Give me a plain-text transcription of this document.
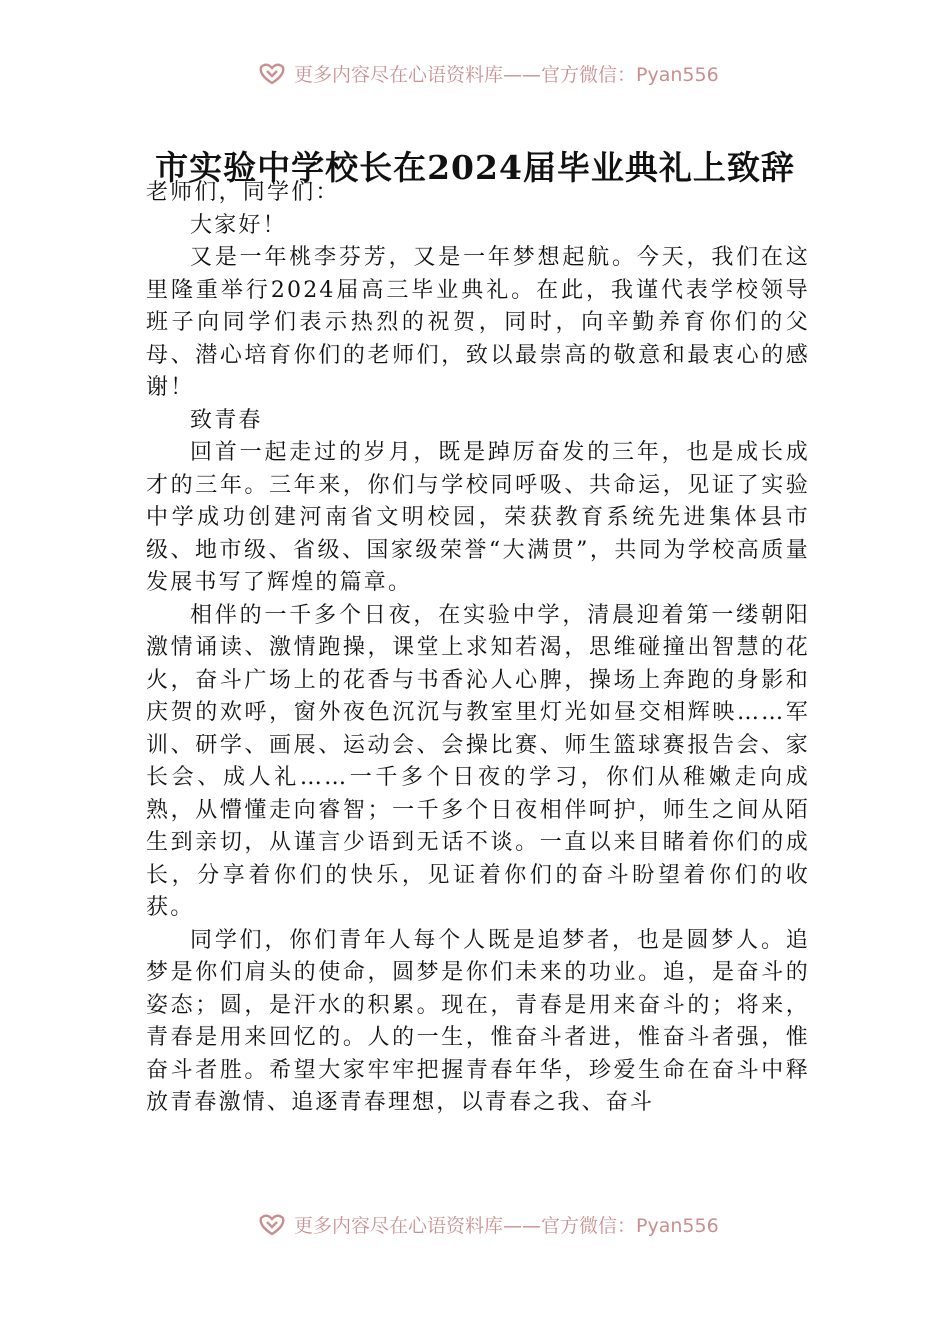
更多内容尽在心语资料库——官方微信：Pyan556
市实验中学校长在2024届毕业典礼上致辞

老师们，同学们：

大家好！

又是一年桃李芬芳，又是一年梦想起航。今天，我们在这里隆重举行2024届高三毕业典礼。在此，我谨代表学校领导班子向同学们表示热烈的祝贺，同时，向辛勤养育你们的父母、潜心培育你们的老师们，致以最崇高的敬意和最衷心的感谢！

致青春

回首一起走过的岁月，既是踔厉奋发的三年，也是成长成才的三年。三年来，你们与学校同呼吸、共命运，见证了实验中学成功创建河南省文明校园，荣获教育系统先进集体县市级、地市级、省级、国家级荣誉“大满贯”，共同为学校高质量发展书写了辉煌的篇章。

相伴的一千多个日夜，在实验中学，清晨迎着第一缕朝阳激情诵读、激情跑操，课堂上求知若渴，思维碰撞出智慧的花火，奋斗广场上的花香与书香沁人心脾，操场上奔跑的身影和庆贺的欢呼，窗外夜色沉沉与教室里灯光如昼交相辉映……军训、研学、画展、运动会、会操比赛、师生篮球赛报告会、家长会、成人礼……一千多个日夜的学习，你们从稚嫩走向成熟，从懵懂走向睿智；一千多个日夜相伴呵护，师生之间从陌生到亲切，从谨言少语到无话不谈。一直以来目睹着你们的成长，分享着你们的快乐，见证着你们的奋斗盼望着你们的收获。

同学们，你们青年人每个人既是追梦者，也是圆梦人。追梦是你们肩头的使命，圆梦是你们未来的功业。追，是奋斗的姿态；圆，是汗水的积累。现在，青春是用来奋斗的；将来，青春是用来回忆的。人的一生，惟奋斗者进，惟奋斗者强，惟奋斗者胜。希望大家牢牢把握青春年华，珍爱生命在奋斗中释放青春激情、追逐青春理想，以青春之我、奋斗

更多内容尽在心语资料库——官方微信：Pyan556
